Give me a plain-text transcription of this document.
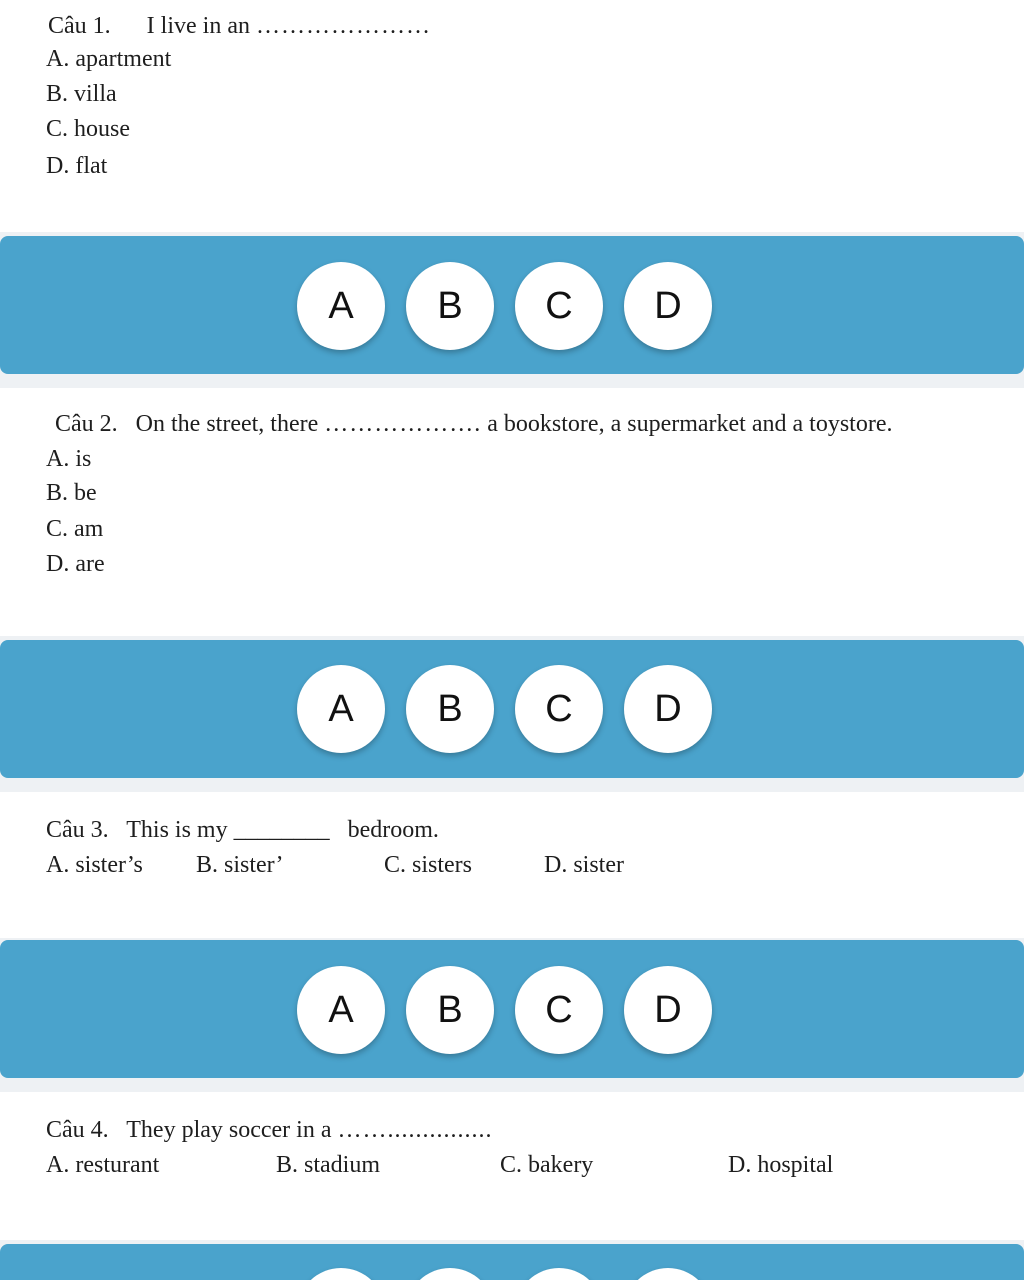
Câu 1. I live in an …………………
A. apartment
B. villa
C. house
D. flat
A	B	C	D
Câu 2. On the street, there ………………. a bookstore, a supermarket and a toystore.
A. is
B. be
C. am
D. are
A	B	C	D
Câu 3. This is my ________ bedroom.
A. sister’s B. sister’	C. sisters	D. sister
A	B	C	D
Câu 4. They play soccer in a ……...............
A. resturant	B. stadium	C. bakery	D. hospital
